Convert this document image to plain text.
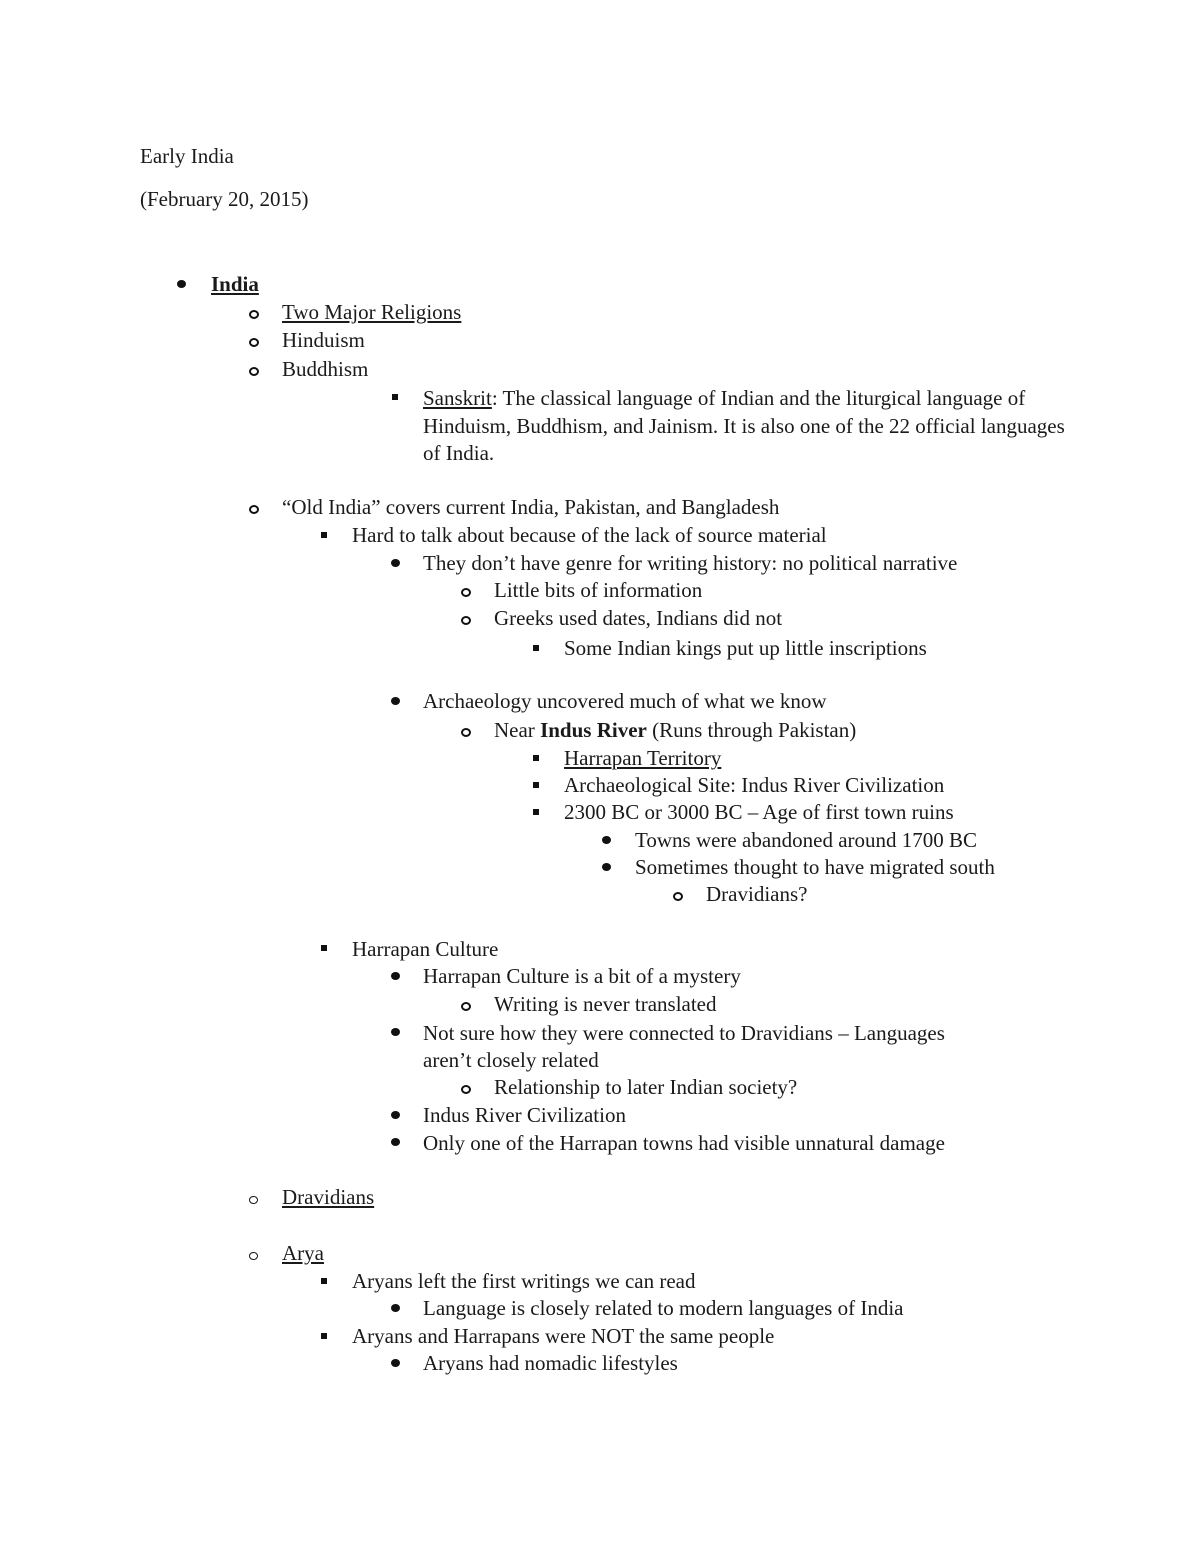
Early India
(February 20, 2015)
India
Two Major Religions
Hinduism
Buddhism
Sanskrit: The classical language of Indian and the liturgical language of Hinduism, Buddhism, and Jainism. It is also one of the 22 official languages of India.
“Old India” covers current India, Pakistan, and Bangladesh
Hard to talk about because of the lack of source material
They don’t have genre for writing history: no political narrative
Little bits of information
Greeks used dates, Indians did not
Some Indian kings put up little inscriptions
Archaeology uncovered much of what we know
Near Indus River (Runs through Pakistan)
Harrapan Territory
Archaeological Site: Indus River Civilization
2300 BC or 3000 BC – Age of first town ruins
Towns were abandoned around 1700 BC
Sometimes thought to have migrated south
Dravidians?
Harrapan Culture
Harrapan Culture is a bit of a mystery
Writing is never translated
Not sure how they were connected to Dravidians – Languages
aren’t closely related
Relationship to later Indian society?
Indus River Civilization
Only one of the Harrapan towns had visible unnatural damage
Dravidians
Arya
Aryans left the first writings we can read
Language is closely related to modern languages of India
Aryans and Harrapans were NOT the same people
Aryans had nomadic lifestyles
